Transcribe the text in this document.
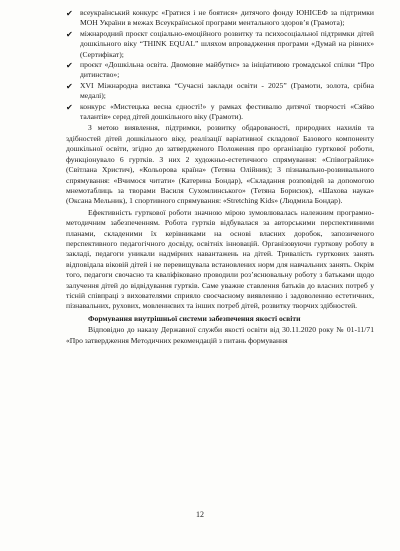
✔ всеукраїнський конкурс «Гратися і не боятися» дитячого фонду ЮНІСЕФ за підтримки МОН України в межах Всеукраїнської програми ментального здоров’я (Грамота);
✔ міжнародний проєкт соціально-емоційного розвитку та психосоціальної підтримки дітей дошкільного віку “THINK EQUAL” шляхом впровадження програми «Думай на рівних» (Сертифікат);
✔ проєкт «Дошкільна освіта. Двомовне майбутнє» за ініціативою громадської спілки “Про дитинство»;
✔ XVI Міжнародна виставка “Сучасні заклади освіти - 2025” (Грамоти, золота, срібна медалі);
✔ конкурс «Мистецька весна єдності!» у рамках фестивалю дитячої творчості «Сяйво талантів» серед дітей дошкільного віку (Грамоти).

З метою виявлення, підтримки, розвитку обдарованості, природних нахилів та здібностей дітей дошкільного віку, реалізації варіативної складової Базового компоненту дошкільної освіти, згідно до затвердженого Положення про організацію гурткової роботи, функціонувало 6 гуртків. З них 2 художньо-естетичного спрямування: «Співограйлик» (Світлана Христич), «Кольорова країна» (Тетяна Олійник); 3 пізнавально-розвивального спрямування: «Вчимося читати» (Катерина Бондар), «Складання розповідей за допомогою мнемотаблиць за творами Василя Сухомлинського» (Тетяна Борисюк), «Шахова наука» (Оксана Мельник), 1 спортивного спрямування: «Stretching Kids» (Людмила Бондар).

Ефективність гурткової роботи значною мірою зумовлювалась належним програмно-методичним забезпеченням. Робота гуртків відбувалася за авторськими перспективними планами, складеними їх керівниками на основі власних доробок, запозиченого перспективного педагогічного досвіду, освітніх інновацій. Організовуючи гурткову роботу в закладі, педагоги уникали надмірних навантажень на дітей. Тривалість гурткових занять відповідала віковій дітей і не перевищувала встановлених норм для навчальних занять. Окрім того, педагоги свочасно та кваліфіковано проводили роз’яснювальну роботу з батьками щодо залучення дітей до відвідування гуртків. Саме уважне ставлення батьків до власних потреб у тісній співпраці з вихователями сприяло своєчасному виявленню і задоволенню естетичних, пізнавальних, рухових, мовленнєвих та інших потреб дітей, розвитку творчих здібностей.

Формування внутрішньої системи забезпечення якості освіти

Відповідно до наказу Державної служби якості освіти від 30.11.2020 року № 01-11/71 «Про затвердження Методичних рекомендацій з питань формування

12
